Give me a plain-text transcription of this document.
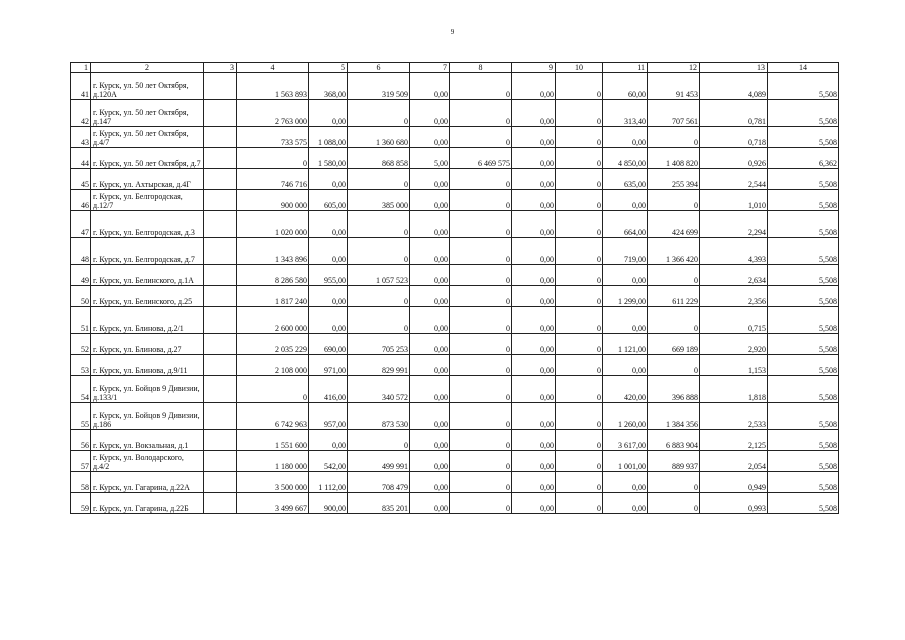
9
1	2	3	4	5	6	7	8	9	10	11	12	13	14
41	г. Курск, ул. 50 лет Октября, д.120А		1 563 893	368,00	319 509	0,00	0	0,00	0	60,00	91 453	4,089	5,508
42	г. Курск, ул. 50 лет Октября, д.147		2 763 000	0,00	0	0,00	0	0,00	0	313,40	707 561	0,781	5,508
43	г. Курск, ул. 50 лет Октября, д.4/7		733 575	1 088,00	1 360 680	0,00	0	0,00	0	0,00	0	0,718	5,508
44	г. Курск, ул. 50 лет Октября, д.7		0	1 580,00	868 858	5,00	6 469 575	0,00	0	4 850,00	1 408 820	0,926	6,362
45	г. Курск, ул. Ахтырская, д.4Г		746 716	0,00	0	0,00	0	0,00	0	635,00	255 394	2,544	5,508
46	г. Курск, ул. Белгородская, д.12/7		900 000	605,00	385 000	0,00	0	0,00	0	0,00	0	1,010	5,508
47	г. Курск, ул. Белгородская, д.3		1 020 000	0,00	0	0,00	0	0,00	0	664,00	424 699	2,294	5,508
48	г. Курск, ул. Белгородская, д.7		1 343 896	0,00	0	0,00	0	0,00	0	719,00	1 366 420	4,393	5,508
49	г. Курск, ул. Белинского, д.1А		8 286 580	955,00	1 057 523	0,00	0	0,00	0	0,00	0	2,634	5,508
50	г. Курск, ул. Белинского, д.25		1 817 240	0,00	0	0,00	0	0,00	0	1 299,00	611 229	2,356	5,508
51	г. Курск, ул. Блинова, д.2/1		2 600 000	0,00	0	0,00	0	0,00	0	0,00	0	0,715	5,508
52	г. Курск, ул. Блинова, д.27		2 035 229	690,00	705 253	0,00	0	0,00	0	1 121,00	669 189	2,920	5,508
53	г. Курск, ул. Блинова, д.9/11		2 108 000	971,00	829 991	0,00	0	0,00	0	0,00	0	1,153	5,508
54	г. Курск, ул. Бойцов 9 Дивизии, д.133/1		0	416,00	340 572	0,00	0	0,00	0	420,00	396 888	1,818	5,508
55	г. Курск, ул. Бойцов 9 Дивизии, д.186		6 742 963	957,00	873 530	0,00	0	0,00	0	1 260,00	1 384 356	2,533	5,508
56	г. Курск, ул. Вокзальная, д.1		1 551 600	0,00	0	0,00	0	0,00	0	3 617,00	6 883 904	2,125	5,508
57	г. Курск, ул. Володарского, д.4/2		1 180 000	542,00	499 991	0,00	0	0,00	0	1 001,00	889 937	2,054	5,508
58	г. Курск, ул. Гагарина, д.22А		3 500 000	1 112,00	708 479	0,00	0	0,00	0	0,00	0	0,949	5,508
59	г. Курск, ул. Гагарина, д.22Б		3 499 667	900,00	835 201	0,00	0	0,00	0	0,00	0	0,993	5,508
